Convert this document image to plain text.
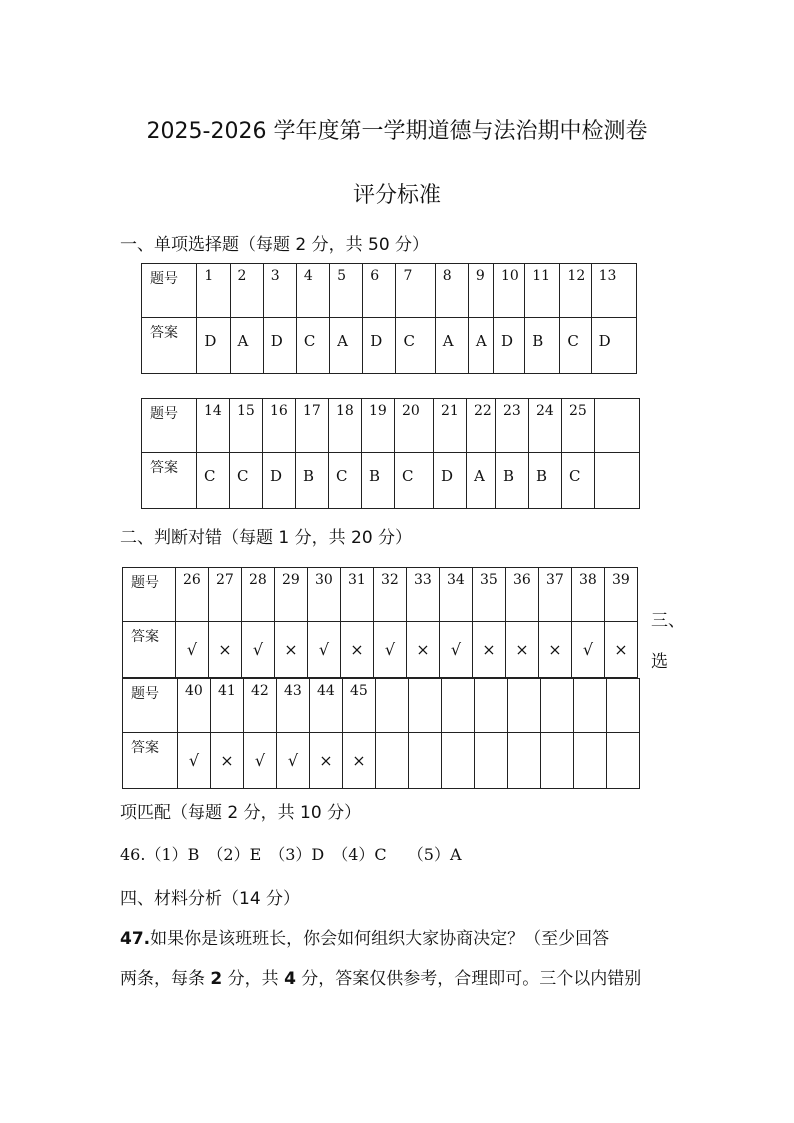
2025-2026 学年度第一学期道德与法治期中检测卷
评分标准
一、单项选择题（每题 2 分，共 50 分）
题号	1	2	3	4	5	6	7	8	9	10	11	12	13
答案	D	A	D	C	A	D	C	A	A	D	B	C	D
题号	14	15	16	17	18	19	20	21	22	23	24	25	
答案	C	C	D	B	C	B	C	D	A	B	B	C	
二、判断对错（每题 1 分，共 20 分）
题号	26	27	28	29	30	31	32	33	34	35	36	37	38	39
答案	√	×	√	×	√	×	√	×	√	×	×	×	√	×
三、
选
题号	40	41	42	43	44	45								
答案	√	×	√	√	×	×								
项匹配（每题 2 分，共 10 分）
46.（1）B　（2）E　（3）D　（4）C　 （5）A
四、材料分析（14 分）
47.如果你是该班班长，你会如何组织大家协商决定？（至少回答
两条，每条 2 分，共 4 分，答案仅供参考，合理即可。三个以内错别
